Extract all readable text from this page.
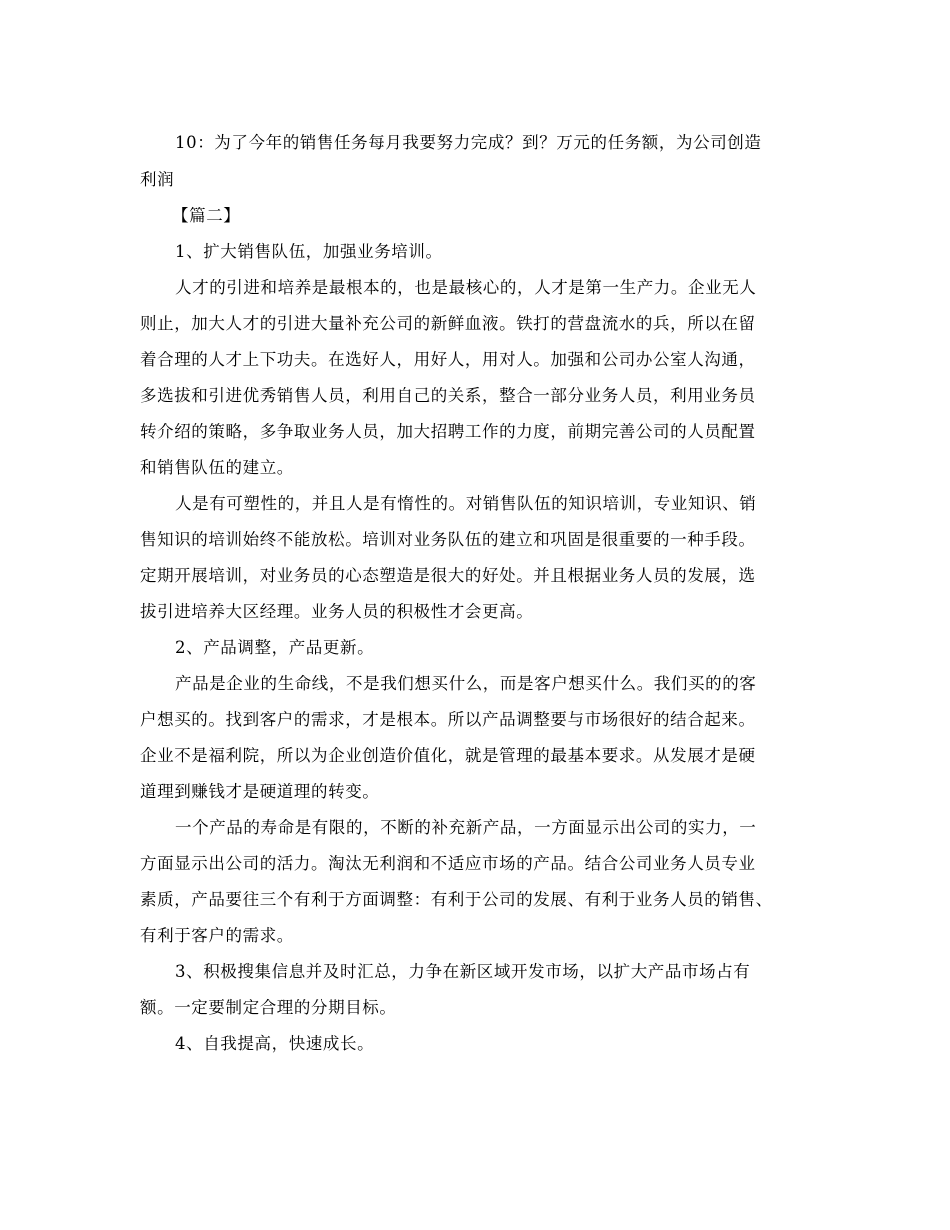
10：为了今年的销售任务每月我要努力完成？到？万元的任务额，为公司创造
利润
【篇二】
1、扩大销售队伍，加强业务培训。
人才的引进和培养是最根本的，也是最核心的，人才是第一生产力。企业无人
则止，加大人才的引进大量补充公司的新鲜血液。铁打的营盘流水的兵，所以在留
着合理的人才上下功夫。在选好人，用好人，用对人。加强和公司办公室人沟通，
多选拔和引进优秀销售人员，利用自己的关系，整合一部分业务人员，利用业务员
转介绍的策略，多争取业务人员，加大招聘工作的力度，前期完善公司的人员配置
和销售队伍的建立。
人是有可塑性的，并且人是有惰性的。对销售队伍的知识培训，专业知识、销
售知识的培训始终不能放松。培训对业务队伍的建立和巩固是很重要的一种手段。
定期开展培训，对业务员的心态塑造是很大的好处。并且根据业务人员的发展，选
拔引进培养大区经理。业务人员的积极性才会更高。
2、产品调整，产品更新。
产品是企业的生命线，不是我们想买什么，而是客户想买什么。我们买的的客
户想买的。找到客户的需求，才是根本。所以产品调整要与市场很好的结合起来。
企业不是福利院，所以为企业创造价值化，就是管理的最基本要求。从发展才是硬
道理到赚钱才是硬道理的转变。
一个产品的寿命是有限的，不断的补充新产品，一方面显示出公司的实力，一
方面显示出公司的活力。淘汰无利润和不适应市场的产品。结合公司业务人员专业
素质，产品要往三个有利于方面调整：有利于公司的发展、有利于业务人员的销售、
有利于客户的需求。
3、积极搜集信息并及时汇总，力争在新区域开发市场，以扩大产品市场占有
额。一定要制定合理的分期目标。
4、自我提高，快速成长。
